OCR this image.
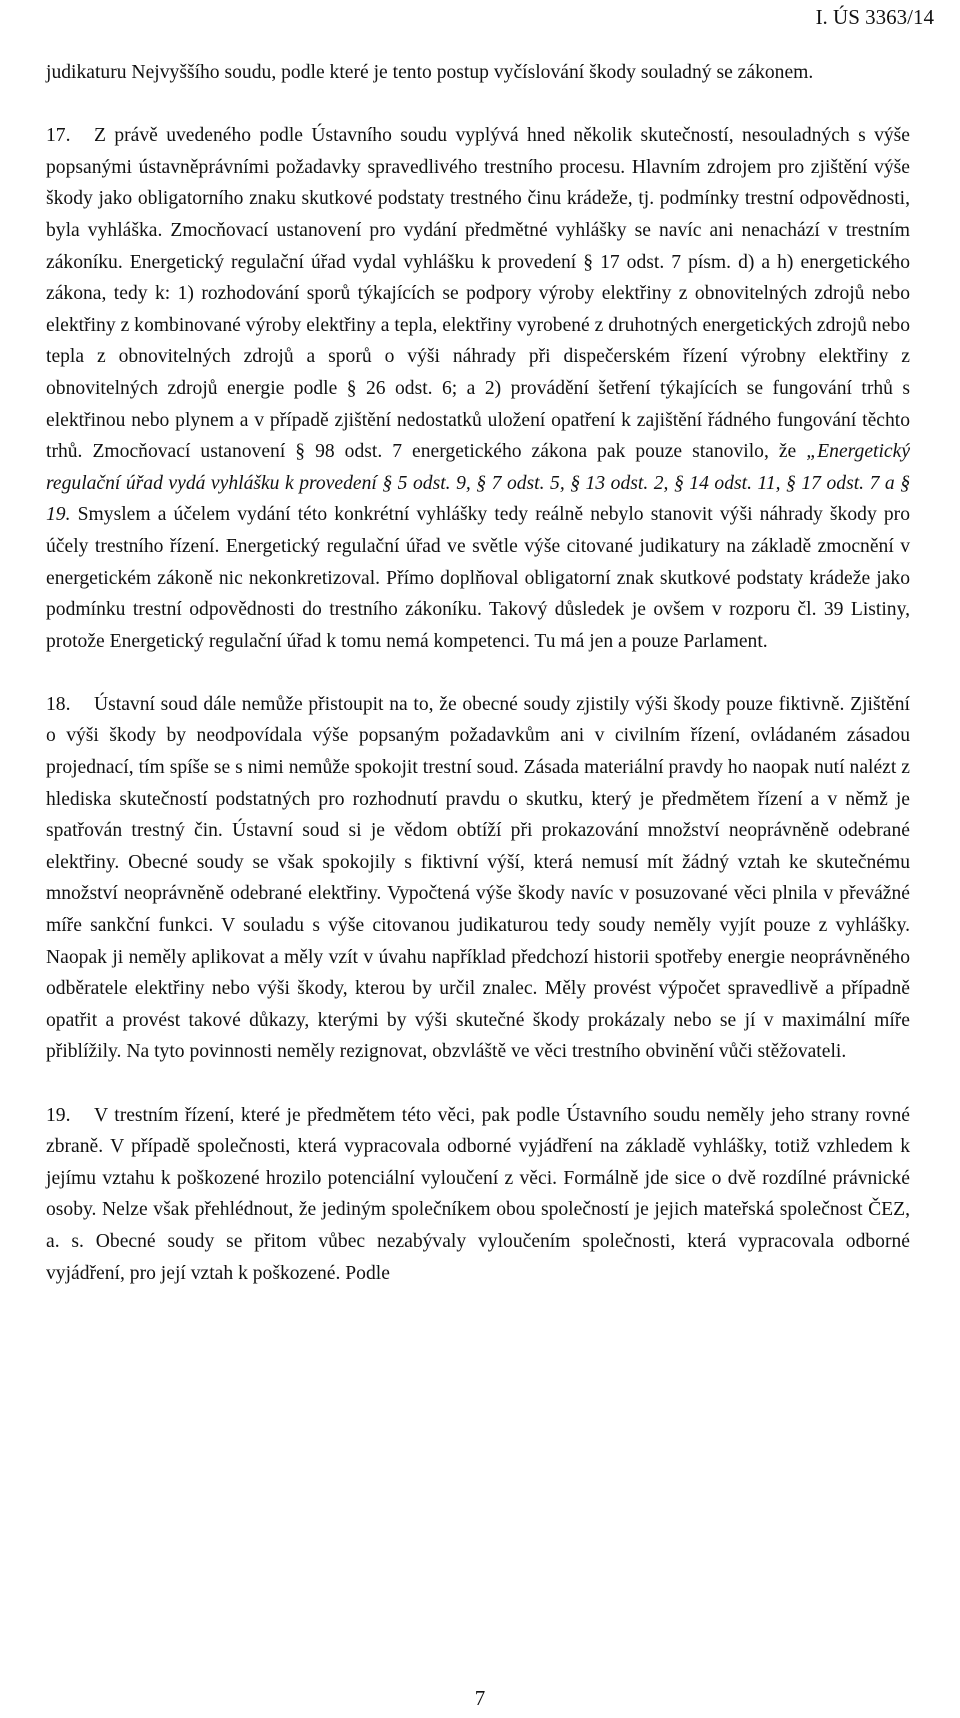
I. ÚS 3363/14

judikaturu Nejvyššího soudu, podle které je tento postup vyčíslování škody souladný se zákonem.

17. Z právě uvedeného podle Ústavního soudu vyplývá hned několik skutečností, nesouladných s výše popsanými ústavněprávními požadavky spravedlivého trestního procesu. Hlavním zdrojem pro zjištění výše škody jako obligatorního znaku skutkové podstaty trestného činu krádeže, tj. podmínky trestní odpovědnosti, byla vyhláška. Zmocňovací ustanovení pro vydání předmětné vyhlášky se navíc ani nenachází v trestním zákoníku. Energetický regulační úřad vydal vyhlášku k provedení § 17 odst. 7 písm. d) a h) energetického zákona, tedy k: 1) rozhodování sporů týkajících se podpory výroby elektřiny z obnovitelných zdrojů nebo elektřiny z kombinované výroby elektřiny a tepla, elektřiny vyrobené z druhotných energetických zdrojů nebo tepla z obnovitelných zdrojů a sporů o výši náhrady při dispečerském řízení výrobny elektřiny z obnovitelných zdrojů energie podle § 26 odst. 6; a 2) provádění šetření týkajících se fungování trhů s elektřinou nebo plynem a v případě zjištění nedostatků uložení opatření k zajištění řádného fungování těchto trhů. Zmocňovací ustanovení § 98 odst. 7 energetického zákona pak pouze stanovilo, že „Energetický regulační úřad vydá vyhlášku k provedení § 5 odst. 9, § 7 odst. 5, § 13 odst. 2, § 14 odst. 11, § 17 odst. 7 a § 19. Smyslem a účelem vydání této konkrétní vyhlášky tedy reálně nebylo stanovit výši náhrady škody pro účely trestního řízení. Energetický regulační úřad ve světle výše citované judikatury na základě zmocnění v energetickém zákoně nic nekonkretizoval. Přímo doplňoval obligatorní znak skutkové podstaty krádeže jako podmínku trestní odpovědnosti do trestního zákoníku. Takový důsledek je ovšem v rozporu čl. 39 Listiny, protože Energetický regulační úřad k tomu nemá kompetenci. Tu má jen a pouze Parlament.

18. Ústavní soud dále nemůže přistoupit na to, že obecné soudy zjistily výši škody pouze fiktivně. Zjištění o výši škody by neodpovídala výše popsaným požadavkům ani v civilním řízení, ovládaném zásadou projednací, tím spíše se s nimi nemůže spokojit trestní soud. Zásada materiální pravdy ho naopak nutí nalézt z hlediska skutečností podstatných pro rozhodnutí pravdu o skutku, který je předmětem řízení a v němž je spatřován trestný čin. Ústavní soud si je vědom obtíží při prokazování množství neoprávněně odebrané elektřiny. Obecné soudy se však spokojily s fiktivní výší, která nemusí mít žádný vztah ke skutečnému množství neoprávněně odebrané elektřiny. Vypočtená výše škody navíc v posuzované věci plnila v převážné míře sankční funkci. V souladu s výše citovanou judikaturou tedy soudy neměly vyjít pouze z vyhlášky. Naopak ji neměly aplikovat a měly vzít v úvahu například předchozí historii spotřeby energie neoprávněného odběratele elektřiny nebo výši škody, kterou by určil znalec. Měly provést výpočet spravedlivě a případně opatřit a provést takové důkazy, kterými by výši skutečné škody prokázaly nebo se jí v maximální míře přiblížily. Na tyto povinnosti neměly rezignovat, obzvláště ve věci trestního obvinění vůči stěžovateli.

19. V trestním řízení, které je předmětem této věci, pak podle Ústavního soudu neměly jeho strany rovné zbraně. V případě společnosti, která vypracovala odborné vyjádření na základě vyhlášky, totiž vzhledem k jejímu vztahu k poškozené hrozilo potenciální vyloučení z věci. Formálně jde sice o dvě rozdílné právnické osoby. Nelze však přehlédnout, že jediným společníkem obou společností je jejich mateřská společnost ČEZ, a. s. Obecné soudy se přitom vůbec nezabývaly vyloučením společnosti, která vypracovala odborné vyjádření, pro její vztah k poškozené. Podle

7
